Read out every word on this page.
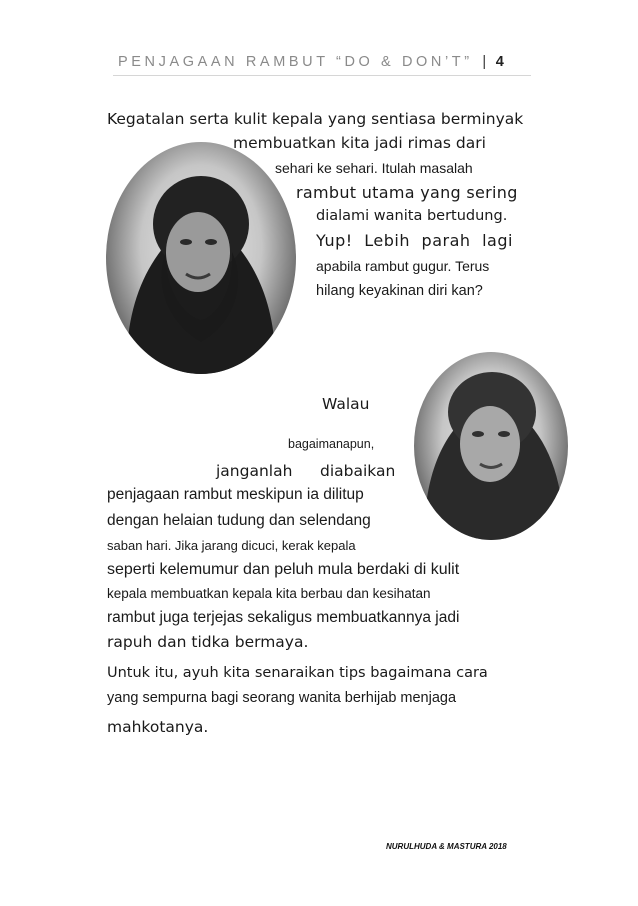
PENJAGAAN RAMBUT “DO & DON’T” | 4
Kegatalan serta kulit kepala yang sentiasa berminyak
membuatkan kita jadi rimas dari
sehari ke sehari. Itulah masalah
rambut utama yang sering
dialami wanita bertudung.
Yup! Lebih parah lagi
apabila rambut gugur. Terus
hilang keyakinan diri kan?
Walau
bagaimanapun,
janganlah diabaikan
penjagaan rambut meskipun ia dilitup
dengan helaian tudung dan selendang
saban hari. Jika jarang dicuci, kerak kepala
seperti kelemumur dan peluh mula berdaki di kulit
kepala membuatkan kepala kita berbau dan kesihatan
rambut juga terjejas sekaligus membuatkannya jadi
rapuh dan tidka bermaya.
Untuk itu, ayuh kita senaraikan tips bagaimana cara
yang sempurna bagi seorang wanita berhijab menjaga
mahkotanya.
NURULHUDA & MASTURA 2018
